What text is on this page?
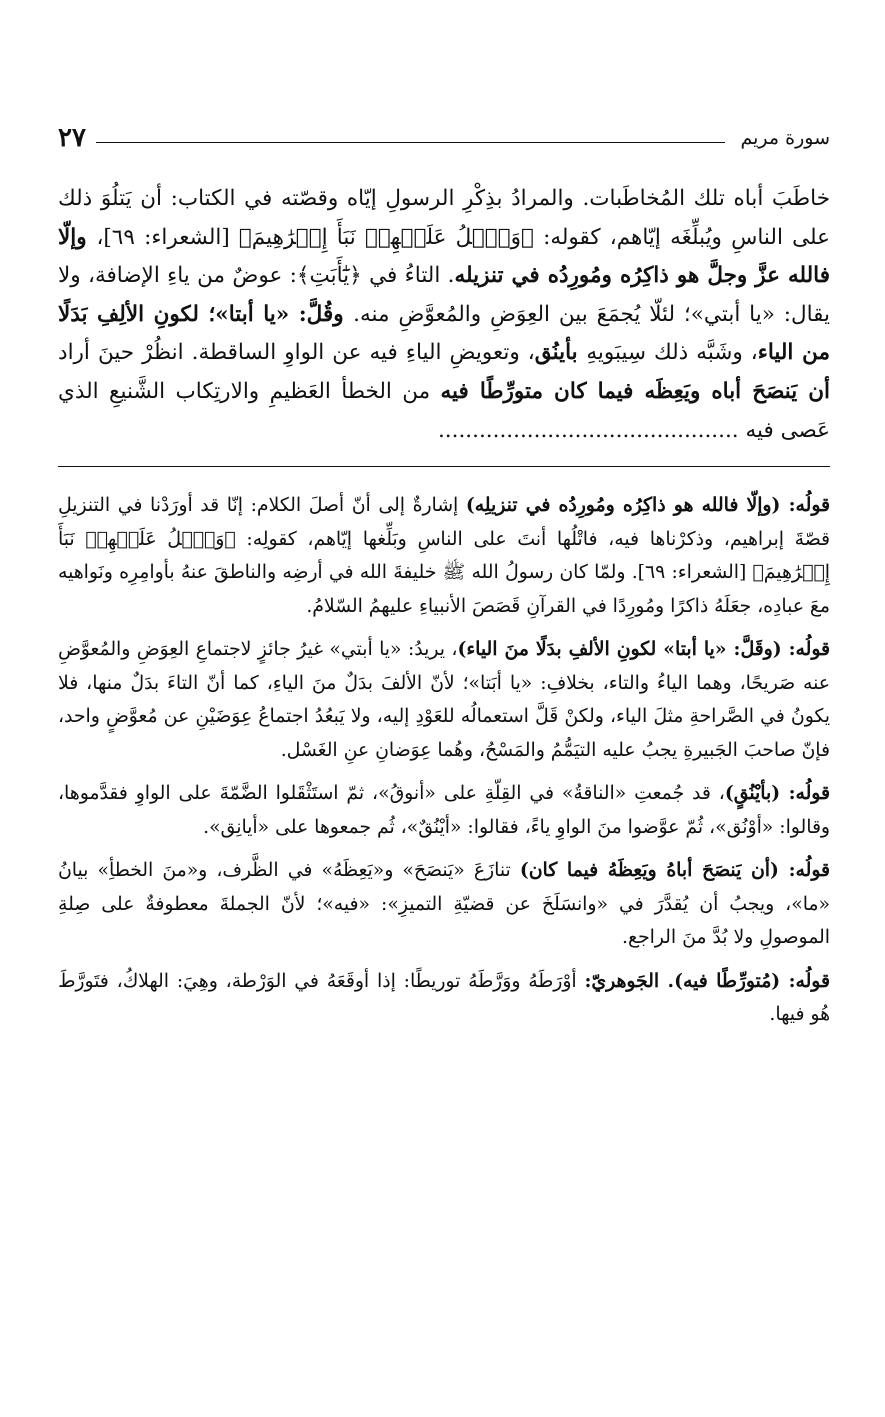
سورة مريم
٢٧
خاطَبَ أباه تلك المُخاطَبات. والمرادُ بذِكْرِ الرسولِ إيّاه وقصّته في الكتاب: أن يَتلُوَ ذلك على الناسِ ويُبلِّغَه إيّاهم، كقوله: ﴿وَٱتۡلُ عَلَيۡهِمۡ نَبَأَ إِبۡرَٰهِيمَ﴾ [الشعراء: ٦٩]، وإلّا فالله عزَّ وجلَّ هو ذاكِرُه ومُورِدُه في تنزيله. التاءُ في ﴿يَٰٓأَبَتِ﴾: عوضٌ من ياءِ الإضافة، ولا يقال: «يا أبتي»؛ لئلّا يُجمَعَ بين العِوَضِ والمُعوَّضِ منه. وقُلَّ: «يا أبتا»؛ لكونِ الألِفِ بَدَلًا من الياء، وشَبَّه ذلك سِيبَويهِ بأينُق، وتعويضِ الياءِ فيه عن الواوِ الساقطة. انظُرْ حينَ أراد أن يَنصَحَ أباه ويَعِظَه فيما كان متورِّطًا فيه من الخطأ العَظيمِ والارتِكاب الشَّنيعِ الذي عَصى فيه ............................................

قولُه: (وإلّا فالله هو ذاكِرُه ومُورِدُه في تنزيلِه) إشارةٌ إلى أنّ أصلَ الكلام: إنّا قد أورَدْنا في التنزيلِ قصّةَ إبراهيم، وذكرْناها فيه، فاتْلُها أنتَ على الناسِ وبَلِّغها إيّاهم، كقولِه: ﴿وَٱتۡلُ عَلَيۡهِمۡ نَبَأَ إِبۡرَٰهِيمَ﴾ [الشعراء: ٦٩]. ولمّا كان رسولُ الله ﷺ خليفةَ الله في أرضِه والناطقَ عنهُ بأوامِرِه ونَواهيه معَ عبادِه، جعَلَهُ ذاكرًا ومُورِدًا في القرآنِ قَصَصَ الأنبياءِ عليهمُ السّلامُ.

قولُه: (وقَلَّ: «يا أبتا» لكونِ الألفِ بدَلًا منَ الياء)، يريدُ: «يا أبتي» غيرُ جائزٍ لاجتماعِ العِوَضِ والمُعوَّضِ عنه صَريحًا، وهما الياءُ والتاء، بخلافِ: «يا أبَتا»؛ لأنّ الألفَ بدَلٌ منَ الياءِ، كما أنّ التاءَ بدَلٌ منها، فلا يكونُ في الصَّراحةِ مثلَ الياء، ولكنْ قَلَّ استعمالُه للعَوْدِ إليه، ولا يَبعُدُ اجتماعُ عِوَضَيْنِ عن مُعوَّضٍ واحد، فإنّ صاحبَ الجَبيرةِ يجبُ عليه التيَمُّمُ والمَسْحُ، وهُما عِوَضانِ عنِ الغَسْل.

قولُه: (بأيْنُقٍ)، قد جُمعتِ «الناقةُ» في القِلّةِ على «أنوقُ»، ثمّ استَثْقَلوا الضَّمّةَ على الواوِ فقدَّموها، وقالوا: «أوْنُق»، ثُمّ عوَّضوا منَ الواوِ ياءً، فقالوا: «أيْنُقٌ»، ثُم جمعوها على «أيانِق».

قولُه: (أن يَنصَحَ أباهُ ويَعِظَهُ فيما كان) تنازَعَ «يَنصَحَ» و«يَعِظَهُ» في الظَّرف، و«منَ الخطأِ» بيانُ «ما»، ويجبُ أن يُقدَّرَ في «وانسَلَخَ عن قضيّةِ التميزِ»: «فيه»؛ لأنّ الجملةَ معطوفةٌ على صِلةِ الموصولِ ولا بُدَّ منَ الراجع.

قولُه: (مُتورِّطًا فيه). الجَوهريّ: أوْرَطَهُ ووَرَّطَهُ توريطًا: إذا أوقَعَهُ في الوَرْطة، وهِيَ: الهلاكُ، فتَورَّطَ هُو فيها.
